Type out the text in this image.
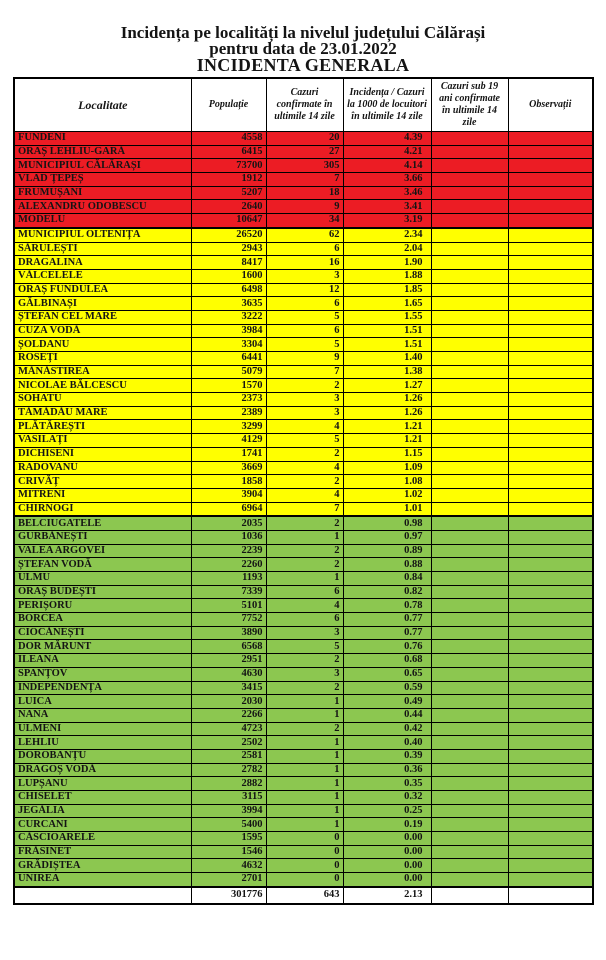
Incidența pe localități la nivelul județului Călărași
pentru data de 23.01.2022
INCIDENTA GENERALA
Localitate	Populație	Cazuri confirmate în ultimile 14 zile	Incidența / Cazuri la 1000 de locuitori în ultimile 14 zile	Cazuri sub 19 ani confirmate în ultimile 14 zile	Observații
FUNDENI	4558	20	4.39		
ORAȘ LEHLIU-GARĂ	6415	27	4.21		
MUNICIPIUL CĂLĂRAȘI	73700	305	4.14		
VLAD ȚEPEȘ	1912	7	3.66		
FRUMUȘANI	5207	18	3.46		
ALEXANDRU ODOBESCU	2640	9	3.41		
MODELU	10647	34	3.19		
MUNICIPIUL OLTENIȚA	26520	62	2.34		
SĂRULEȘTI	2943	6	2.04		
DRAGALINA	8417	16	1.90		
VĂLCELELE	1600	3	1.88		
ORAȘ FUNDULEA	6498	12	1.85		
GĂLBINAȘI	3635	6	1.65		
ȘTEFAN CEL MARE	3222	5	1.55		
CUZA VODĂ	3984	6	1.51		
ȘOLDANU	3304	5	1.51		
ROSEȚI	6441	9	1.40		
MĂNĂSTIREA	5079	7	1.38		
NICOLAE BĂLCESCU	1570	2	1.27		
SOHATU	2373	3	1.26		
TĂMĂDĂU MARE	2389	3	1.26		
PLĂTĂREȘTI	3299	4	1.21		
VASILAȚI	4129	5	1.21		
DICHISENI	1741	2	1.15		
RADOVANU	3669	4	1.09		
CRIVĂȚ	1858	2	1.08		
MITRENI	3904	4	1.02		
CHIRNOGI	6964	7	1.01		
BELCIUGATELE	2035	2	0.98		
GURBĂNEȘTI	1036	1	0.97		
VALEA ARGOVEI	2239	2	0.89		
ȘTEFAN VODĂ	2260	2	0.88		
ULMU	1193	1	0.84		
ORAȘ BUDEȘTI	7339	6	0.82		
PERIȘORU	5101	4	0.78		
BORCEA	7752	6	0.77		
CIOCĂNEȘTI	3890	3	0.77		
DOR MĂRUNT	6568	5	0.76		
ILEANA	2951	2	0.68		
SPANȚOV	4630	3	0.65		
INDEPENDENȚA	3415	2	0.59		
LUICA	2030	1	0.49		
NANA	2266	1	0.44		
ULMENI	4723	2	0.42		
LEHLIU	2502	1	0.40		
DOROBANȚU	2581	1	0.39		
DRAGOȘ VODĂ	2782	1	0.36		
LUPȘANU	2882	1	0.35		
CHISELET	3115	1	0.32		
JEGĂLIA	3994	1	0.25		
CURCANI	5400	1	0.19		
CĂSCIOARELE	1595	0	0.00		
FRĂSINET	1546	0	0.00		
GRĂDIȘTEA	4632	0	0.00		
UNIREA	2701	0	0.00		
	301776	643	2.13		
